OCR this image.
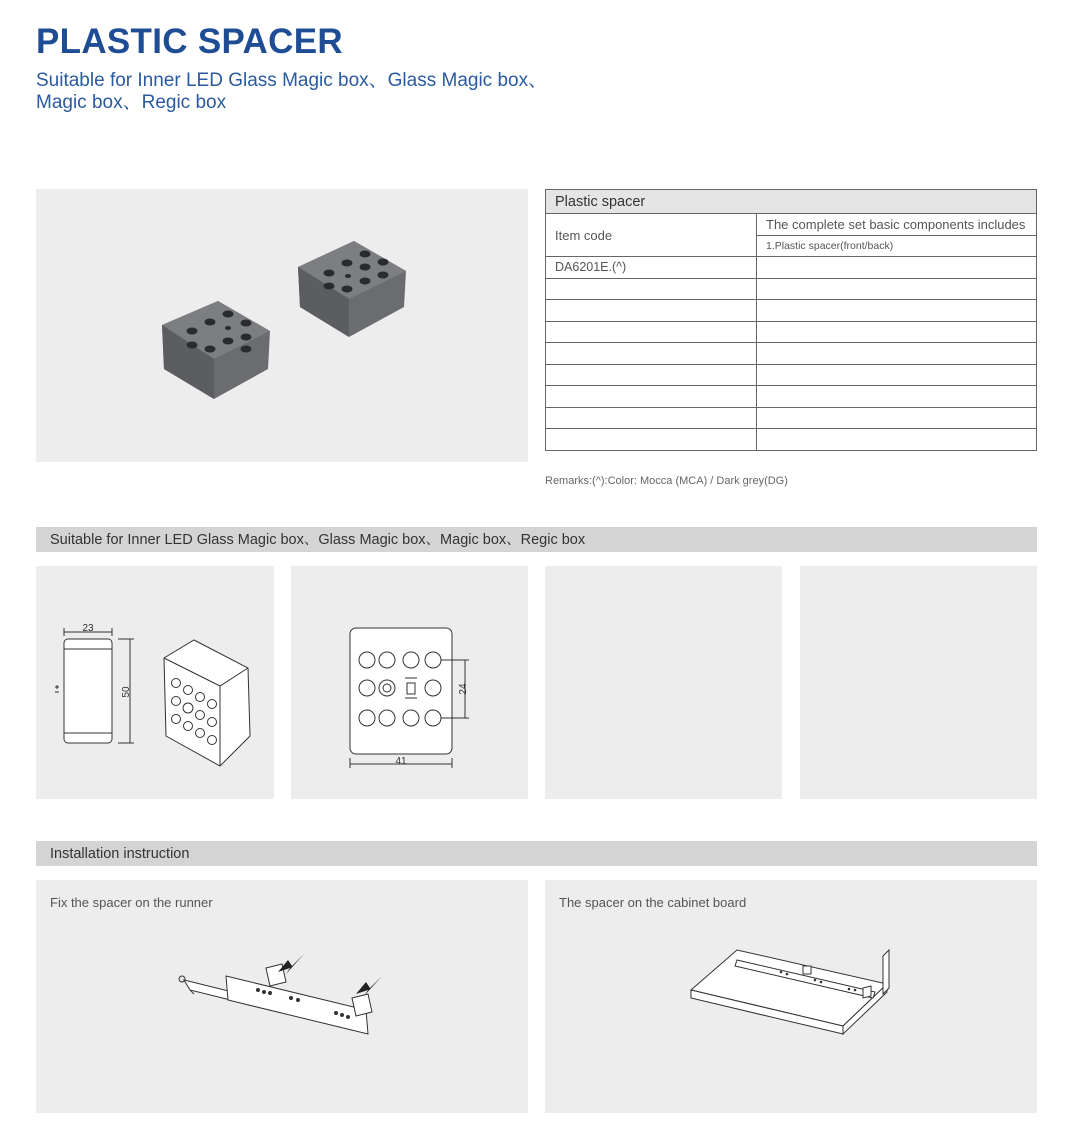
PLASTIC SPACER
Suitable for Inner LED Glass Magic box、Glass Magic box、
Magic box、Regic box
Plastic spacer	
Item code	The complete set basic components includes
	1.Plastic spacer(front/back)
DA6201E.(^)	

Remarks:(^):Color: Mocca (MCA) / Dark grey(DG)
Suitable for Inner LED Glass Magic box、Glass Magic box、Magic box、Regic box
23
50	24
41
Installation instruction
Fix the spacer on the runner	The spacer on the cabinet board
